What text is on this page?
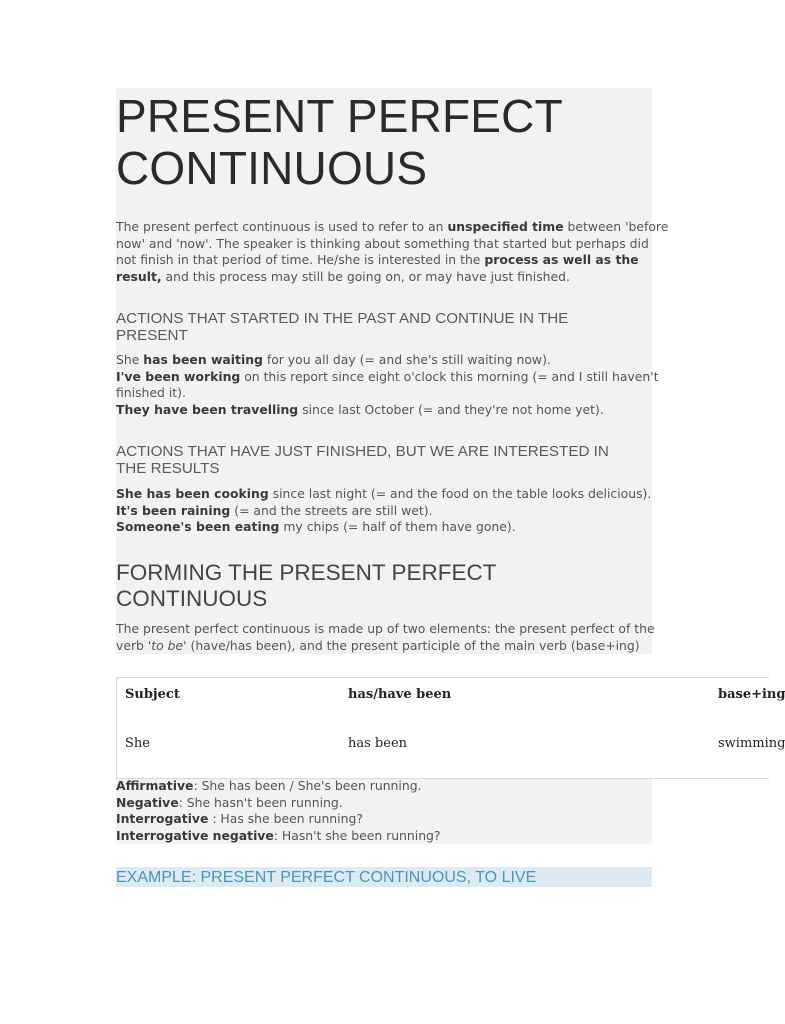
PRESENT PERFECT
CONTINUOUS
The present perfect continuous is used to refer to an unspecified time between 'before
now' and 'now'. The speaker is thinking about something that started but perhaps did
not finish in that period of time. He/she is interested in the process as well as the
result, and this process may still be going on, or may have just finished.
ACTIONS THAT STARTED IN THE PAST AND CONTINUE IN THE
PRESENT
She has been waiting for you all day (= and she's still waiting now).
I've been working on this report since eight o'clock this morning (= and I still haven't
finished it).
They have been travelling since last October (= and they're not home yet).
ACTIONS THAT HAVE JUST FINISHED, BUT WE ARE INTERESTED IN
THE RESULTS
She has been cooking since last night (= and the food on the table looks delicious).
It's been raining (= and the streets are still wet).
Someone's been eating my chips (= half of them have gone).
FORMING THE PRESENT PERFECT
CONTINUOUS
The present perfect continuous is made up of two elements: the present perfect of the
verb 'to be' (have/has been), and the present participle of the main verb (base+ing)
Subject	has/have been	base+ing
She	has been	swimming
Affirmative: She has been / She's been running.
Negative: She hasn't been running.
Interrogative : Has she been running?
Interrogative negative: Hasn't she been running?
EXAMPLE: PRESENT PERFECT CONTINUOUS, TO LIVE
